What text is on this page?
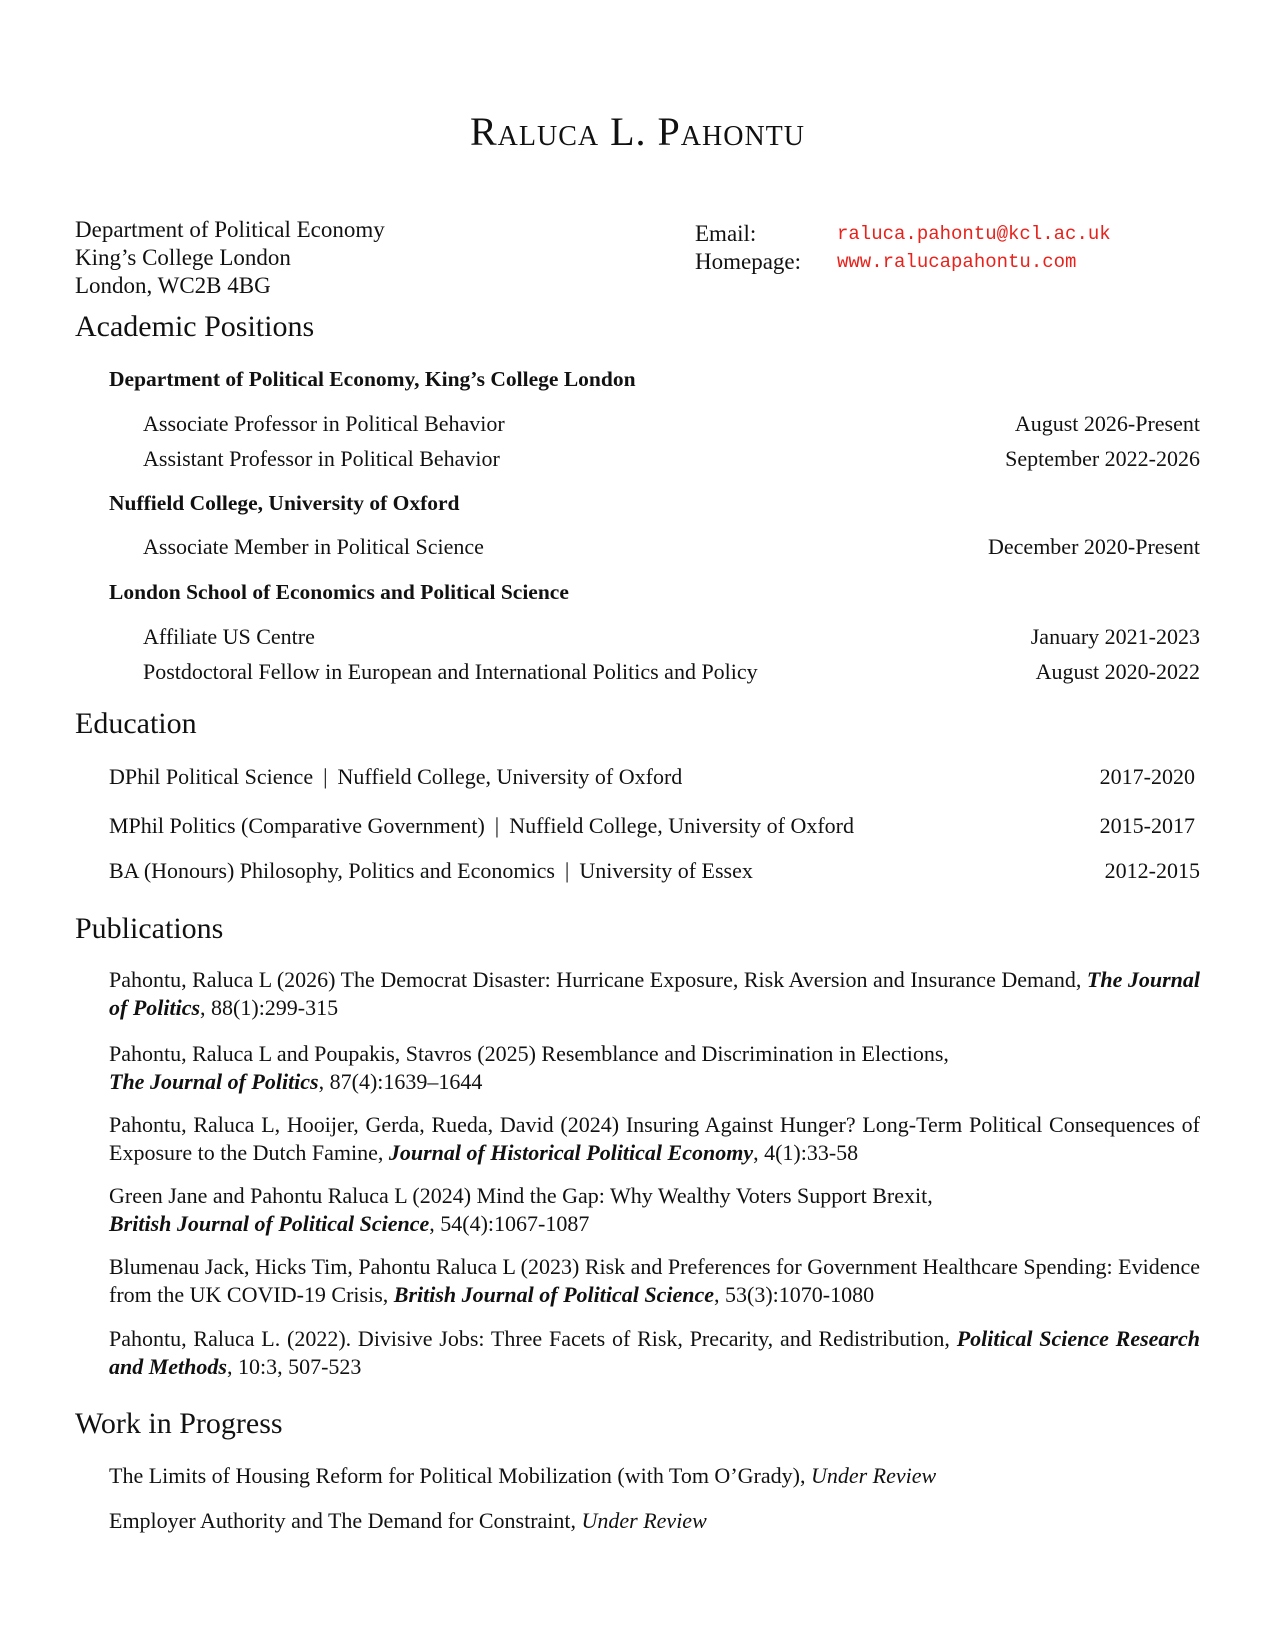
Raluca L. Pahontu
Department of Political Economy
King’s College London
London, WC2B 4BG
Email:	raluca.pahontu@kcl.ac.uk
Homepage:	www.ralucapahontu.com
Academic Positions
Department of Political Economy, King’s College London
Associate Professor in Political Behavior	August 2026-Present
Assistant Professor in Political Behavior	September 2022-2026
Nuffield College, University of Oxford
Associate Member in Political Science	December 2020-Present
London School of Economics and Political Science
Affiliate US Centre	January 2021-2023
Postdoctoral Fellow in European and International Politics and Policy	August 2020-2022
Education
DPhil Political Science | Nuffield College, University of Oxford	2017-2020
MPhil Politics (Comparative Government) | Nuffield College, University of Oxford	2015-2017
BA (Honours) Philosophy, Politics and Economics | University of Essex	2012-2015
Publications
Pahontu, Raluca L (2026) The Democrat Disaster: Hurricane Exposure, Risk Aversion and Insurance Demand, The Journal of Politics, 88(1):299-315
Pahontu, Raluca L and Poupakis, Stavros (2025) Resemblance and Discrimination in Elections,
The Journal of Politics, 87(4):1639–1644
Pahontu, Raluca L, Hooijer, Gerda, Rueda, David (2024) Insuring Against Hunger? Long-Term Political Consequences of Exposure to the Dutch Famine, Journal of Historical Political Economy, 4(1):33-58
Green Jane and Pahontu Raluca L (2024) Mind the Gap: Why Wealthy Voters Support Brexit,
British Journal of Political Science, 54(4):1067-1087
Blumenau Jack, Hicks Tim, Pahontu Raluca L (2023) Risk and Preferences for Government Healthcare Spending: Evidence from the UK COVID-19 Crisis, British Journal of Political Science, 53(3):1070-1080
Pahontu, Raluca L. (2022). Divisive Jobs: Three Facets of Risk, Precarity, and Redistribution, Political Science Research and Methods, 10:3, 507-523
Work in Progress
The Limits of Housing Reform for Political Mobilization (with Tom O’Grady), Under Review
Employer Authority and The Demand for Constraint, Under Review
